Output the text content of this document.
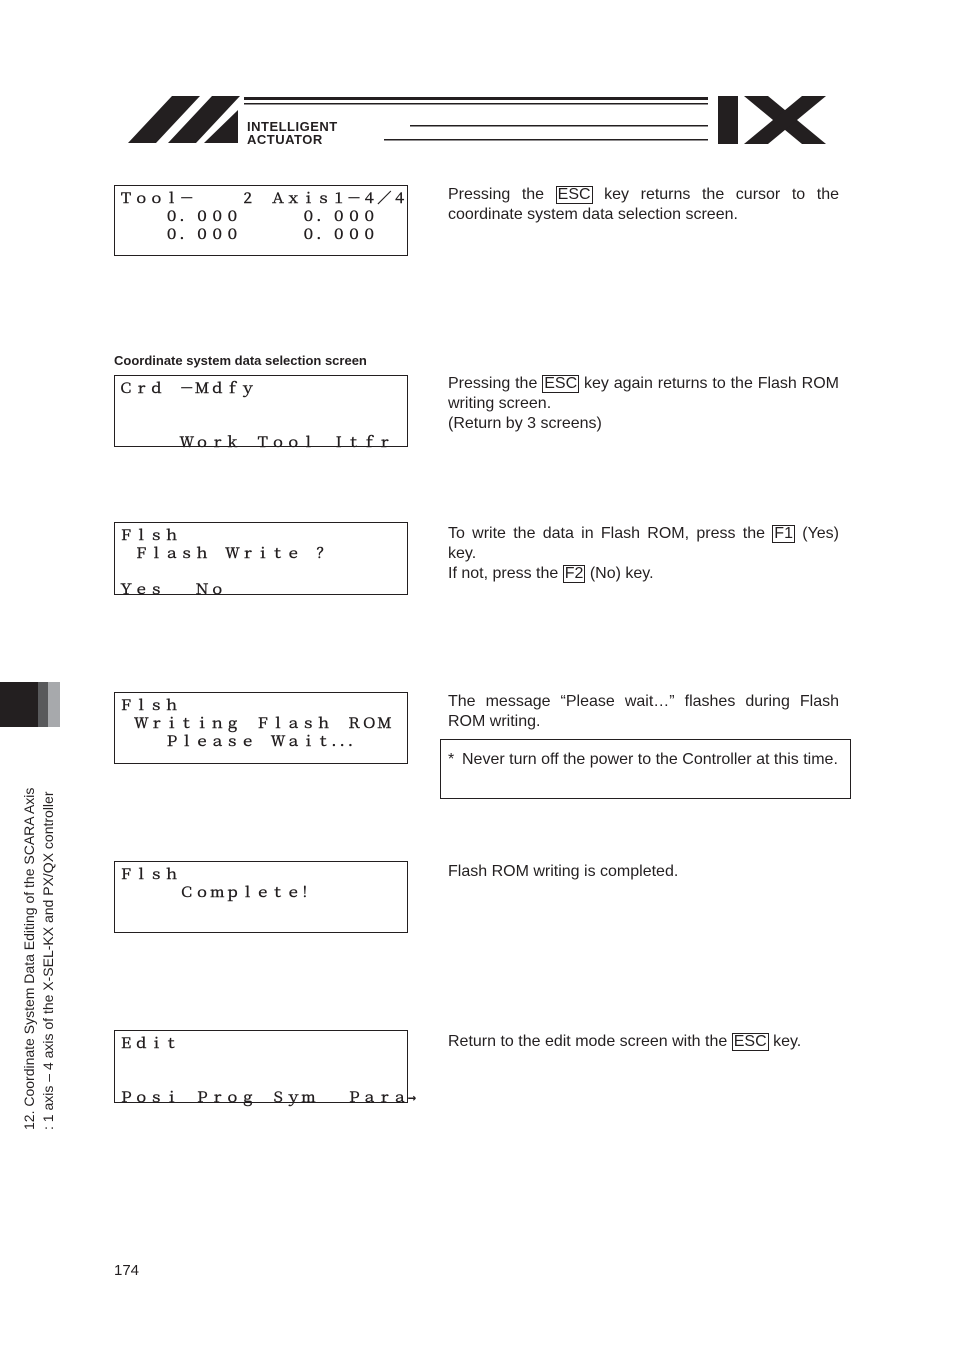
INTELLIGENT
ACTUATOR
Ｔｏｏｌ－　　　２　Ａｘｉｓ１－４／４
　　　０．０００　　　　０．０００
　　　０．０００　　　　０．０００

Pressing the ESC key returns the cursor to the coordinate system data selection screen.

Coordinate system data selection screen
Ｃｒｄ　－Ｍｄｆｙ
　　　　Ｗｏｒｋ　Ｔｏｏｌ　Ｉｔｆｒ

Pressing the ESC key again returns to the Flash ROM writing screen.

(Return by 3 screens)

Ｆｌｓｈ
　Ｆｌａｓｈ　Ｗｒｉｔｅ　？
Ｙｅｓ　　Ｎｏ

To write the data in Flash ROM, press the F1 (Yes) key.

If not, press the F2 (No) key.

Ｆｌｓｈ
　Ｗｒｉｔｉｎｇ　Ｆｌａｓｈ　ＲＯＭ
　　　Ｐｌｅａｓｅ　Ｗａｉｔ．．．

The message “Please wait…” flashes during Flash ROM writing.

* Never turn off the power to the Controller at this time.
Ｆｌｓｈ
　　　　Ｃｏｍｐｌｅｔｅ！

Flash ROM writing is completed.

Ｅｄｉｔ
Ｐｏｓｉ　Ｐｒｏｇ　Ｓｙｍ　　Ｐａｒａ→

Return to the edit mode screen with the ESC key.

12. Coordinate System Data Editing of the SCARA Axis : 1 axis – 4 axis of the X-SEL-KX and PX/QX controller
174
